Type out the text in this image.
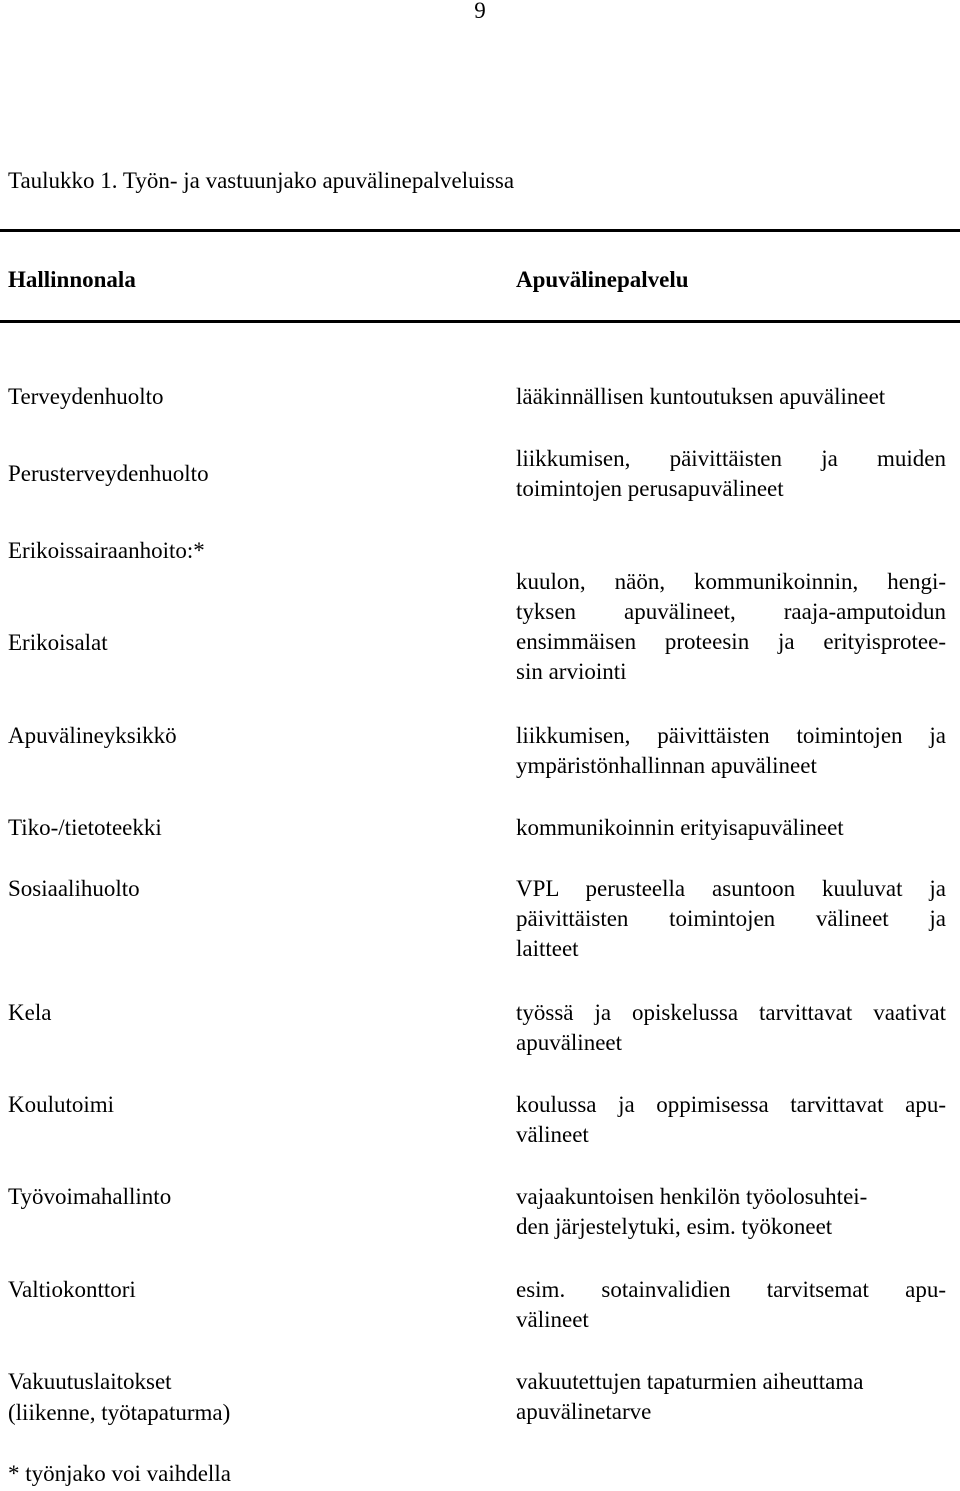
9
Taulukko 1. Työn- ja vastuunjako apuvälinepalveluissa
Hallinnonala	Apuvälinepalvelu
Terveydenhuolto
Perusterveydenhuolto
Erikoissairaanhoito:*
Erikoisalat
Apuvälineyksikkö
Tiko-/tietoteekki
Sosiaalihuolto
Kela
Koulutoimi
Työvoimahallinto
Valtiokonttori
Vakuutuslaitokset
(liikenne, työtapaturma)
lääkinnällisen kuntoutuksen apuvälineet
liikkumisen, päivittäisten ja muiden
toimintojen perusapuvälineet
kuulon, näön, kommunikoinnin, hengi-
tyksen apuvälineet, raaja-amputoidun
ensimmäisen proteesin ja erityisprotee-
sin arviointi
liikkumisen, päivittäisten toimintojen ja
ympäristönhallinnan apuvälineet
kommunikoinnin erityisapuvälineet
VPL perusteella asuntoon kuuluvat ja
päivittäisten toimintojen välineet ja
laitteet
työssä ja opiskelussa tarvittavat vaativat
apuvälineet
koulussa ja oppimisessa tarvittavat apu-
välineet
vajaakuntoisen henkilön työolosuhtei-
den järjestelytuki, esim. työkoneet
esim. sotainvalidien tarvitsemat apu-
välineet
vakuutettujen tapaturmien aiheuttama
apuvälinetarve
* työnjako voi vaihdella
